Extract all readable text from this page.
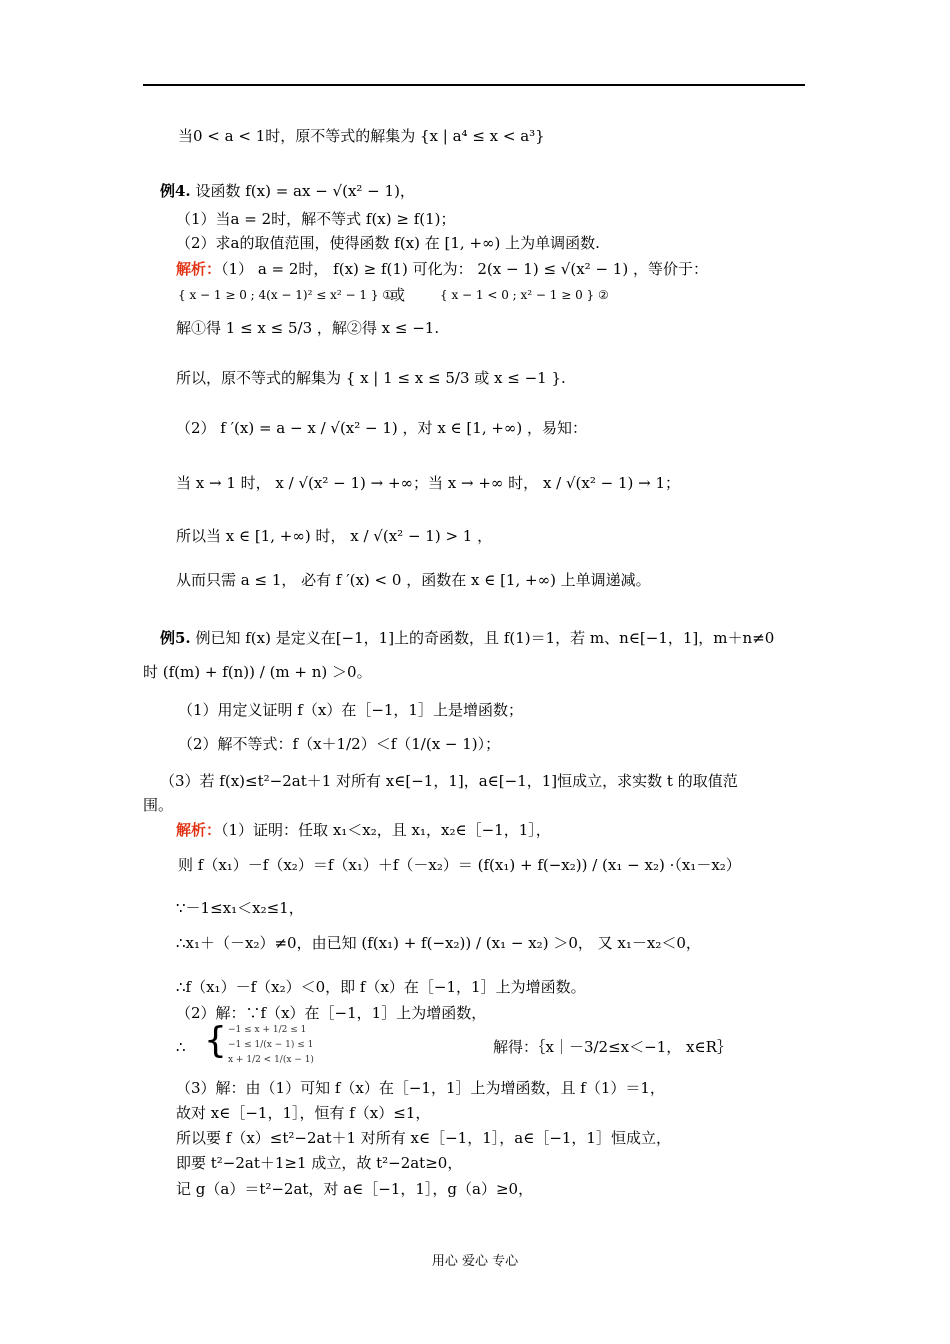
当0 < a < 1时，原不等式的解集为 {x | a⁴ ≤ x < a³}
例4. 设函数 f(x) = ax − √(x² − 1)，
（1）当a = 2时，解不等式 f(x) ≥ f(1)；
（2）求a的取值范围，使得函数 f(x) 在 [1, +∞) 上为单调函数.
解析：（1） a = 2时， f(x) ≥ f(1) 可化为： 2(x − 1) ≤ √(x² − 1) ，等价于：
{ x − 1 ≥ 0 ; 4(x − 1)² ≤ x² − 1 } ①
或	{ x − 1 < 0 ; x² − 1 ≥ 0 } ②
解①得 1 ≤ x ≤ 5/3 ，解②得 x ≤ −1.
所以，原不等式的解集为 { x | 1 ≤ x ≤ 5/3 或 x ≤ −1 }.
（2） f ′(x) = a − x / √(x² − 1) ，对 x ∈ [1, +∞) ，易知：
当 x → 1 时， x / √(x² − 1) → +∞；当 x → +∞ 时， x / √(x² − 1) → 1；
所以当 x ∈ [1, +∞) 时， x / √(x² − 1) > 1 ，
从而只需 a ≤ 1， 必有 f ′(x) < 0 ，函数在 x ∈ [1, +∞) 上单调递减。
例5. 例已知 f(x) 是定义在[−1，1]上的奇函数，且 f(1)＝1，若 m、n∈[−1，1]，m＋n≠0
时 (f(m) + f(n)) / (m + n) ＞0。
（1）用定义证明 f（x）在［−1，1］上是增函数；
（2）解不等式：f（x＋1/2）＜f（1/(x − 1)）；
（3）若 f(x)≤t²−2at＋1 对所有 x∈[−1，1]，a∈[−1，1]恒成立，求实数 t 的取值范
围。
解析：（1）证明：任取 x₁＜x₂，且 x₁，x₂∈［−1，1］，
则 f（x₁）－f（x₂）＝f（x₁）＋f（－x₂）＝ (f(x₁) + f(−x₂)) / (x₁ − x₂) ·（x₁－x₂）
∵－1≤x₁＜x₂≤1，
∴x₁＋（－x₂）≠0，由已知 (f(x₁) + f(−x₂)) / (x₁ − x₂) ＞0， 又 x₁－x₂＜0，
∴f（x₁）－f（x₂）＜0，即 f（x）在［−1，1］上为增函数。
（2）解：∵f（x）在［−1，1］上为增函数，
∴ { −1 ≤ x + 1/2 ≤ 1
−1 ≤ 1/(x − 1) ≤ 1
x + 1/2 < 1/(x − 1)
解得：｛x｜－3/2≤x＜−1， x∈R｝
（3）解：由（1）可知 f（x）在［−1，1］上为增函数，且 f（1）＝1，
故对 x∈［−1，1］，恒有 f（x）≤1，
所以要 f（x）≤t²−2at＋1 对所有 x∈［−1，1］，a∈［−1，1］恒成立，
即要 t²−2at＋1≥1 成立，故 t²−2at≥0，
记 g（a）＝t²−2at，对 a∈［−1，1］，g（a）≥0，
用心 爱心 专心
